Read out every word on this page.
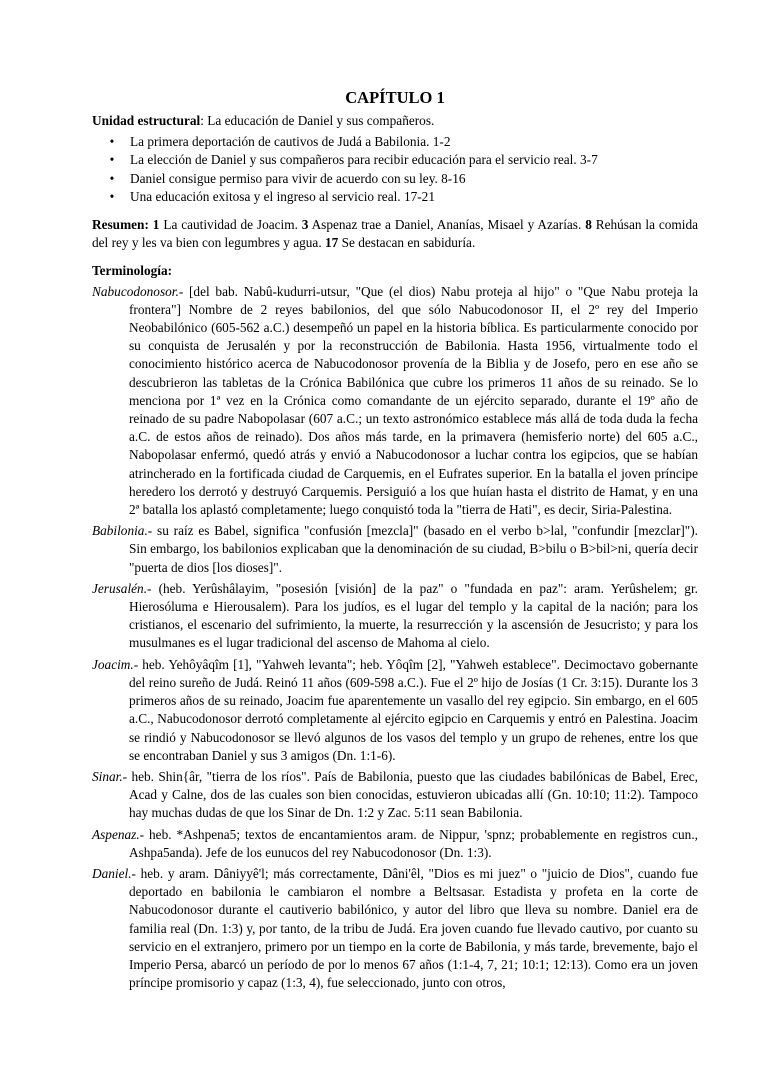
CAPÍTULO 1
Unidad estructural: La educación de Daniel y sus compañeros.
• La primera deportación de cautivos de Judá a Babilonia. 1-2
• La elección de Daniel y sus compañeros para recibir educación para el servicio real. 3-7
• Daniel consigue permiso para vivir de acuerdo con su ley. 8-16
• Una educación exitosa y el ingreso al servicio real. 17-21
Resumen: 1 La cautividad de Joacim. 3 Aspenaz trae a Daniel, Ananías, Misael y Azarías. 8 Rehúsan la comida del rey y les va bien con legumbres y agua. 17 Se destacan en sabiduría.
Terminología:
Nabucodonosor.- [del bab. Nabû-kudurri-utsur, "Que (el dios) Nabu proteja al hijo" o "Que Nabu proteja la frontera"] Nombre de 2 reyes babilonios, del que sólo Nabucodonosor II, el 2º rey del Imperio Neobabilónico (605-562 a.C.) desempeñó un papel en la historia bíblica. Es particularmente conocido por su conquista de Jerusalén y por la reconstrucción de Babilonia. Hasta 1956, virtualmente todo el conocimiento histórico acerca de Nabucodonosor provenía de la Biblia y de Josefo, pero en ese año se descubrieron las tabletas de la Crónica Babilónica que cubre los primeros 11 años de su reinado. Se lo menciona por 1ª vez en la Crónica como comandante de un ejército separado, durante el 19º año de reinado de su padre Nabopolasar (607 a.C.; un texto astronómico establece más allá de toda duda la fecha a.C. de estos años de reinado). Dos años más tarde, en la primavera (hemisferio norte) del 605 a.C., Nabopolasar enfermó, quedó atrás y envió a Nabucodonosor a luchar contra los egipcios, que se habían atrincherado en la fortificada ciudad de Carquemis, en el Eufrates superior. En la batalla el joven príncipe heredero los derrotó y destruyó Carquemis. Persiguió a los que huían hasta el distrito de Hamat, y en una 2ª batalla los aplastó completamente; luego conquistó toda la "tierra de Hati", es decir, Siria-Palestina.
Babilonia.- su raíz es Babel, significa "confusión [mezcla]" (basado en el verbo b>lal, "confundir [mezclar]"). Sin embargo, los babilonios explicaban que la denominación de su ciudad, B>bilu o B>bil>ni, quería decir "puerta de dios [los dioses]".
Jerusalén.- (heb. Yerûshâlayim, "posesión [visión] de la paz" o "fundada en paz": aram. Yerûshelem; gr. Hierosóluma e Hierousalem). Para los judíos, es el lugar del templo y la capital de la nación; para los cristianos, el escenario del sufrimiento, la muerte, la resurrección y la ascensión de Jesucristo; y para los musulmanes es el lugar tradicional del ascenso de Mahoma al cielo.
Joacim.- heb. Yehôyâqîm [1], "Yahweh levanta"; heb. Yôqîm [2], "Yahweh establece". Decimoctavo gobernante del reino sureño de Judá. Reinó 11 años (609-598 a.C.). Fue el 2º hijo de Josías (1 Cr. 3:15). Durante los 3 primeros años de su reinado, Joacim fue aparentemente un vasallo del rey egipcio. Sin embargo, en el 605 a.C., Nabucodonosor derrotó completamente al ejército egipcio en Carquemis y entró en Palestina. Joacim se rindió y Nabucodonosor se llevó algunos de los vasos del templo y un grupo de rehenes, entre los que se encontraban Daniel y sus 3 amigos (Dn. 1:1-6).
Sinar.- heb. Shin{âr, "tierra de los ríos". País de Babilonia, puesto que las ciudades babilónicas de Babel, Erec, Acad y Calne, dos de las cuales son bien conocidas, estuvieron ubicadas allí (Gn. 10:10; 11:2). Tampoco hay muchas dudas de que los Sinar de Dn. 1:2 y Zac. 5:11 sean Babilonia.
Aspenaz.- heb. *Ashpena5; textos de encantamientos aram. de Nippur, 'spnz; probablemente en registros cun., Ashpa5anda). Jefe de los eunucos del rey Nabucodonosor (Dn. 1:3).
Daniel.- heb. y aram. Dâniyyê'l; más correctamente, Dâni'êl, "Dios es mi juez" o "juicio de Dios", cuando fue deportado en babilonia le cambiaron el nombre a Beltsasar. Estadista y profeta en la corte de Nabucodonosor durante el cautiverio babilónico, y autor del libro que lleva su nombre. Daniel era de familia real (Dn. 1:3) y, por tanto, de la tribu de Judá. Era joven cuando fue llevado cautivo, por cuanto su servicio en el extranjero, primero por un tiempo en la corte de Babilonia, y más tarde, brevemente, bajo el Imperio Persa, abarcó un período de por lo menos 67 años (1:1-4, 7, 21; 10:1; 12:13). Como era un joven príncipe promisorio y capaz (1:3, 4), fue seleccionado, junto con otros,
